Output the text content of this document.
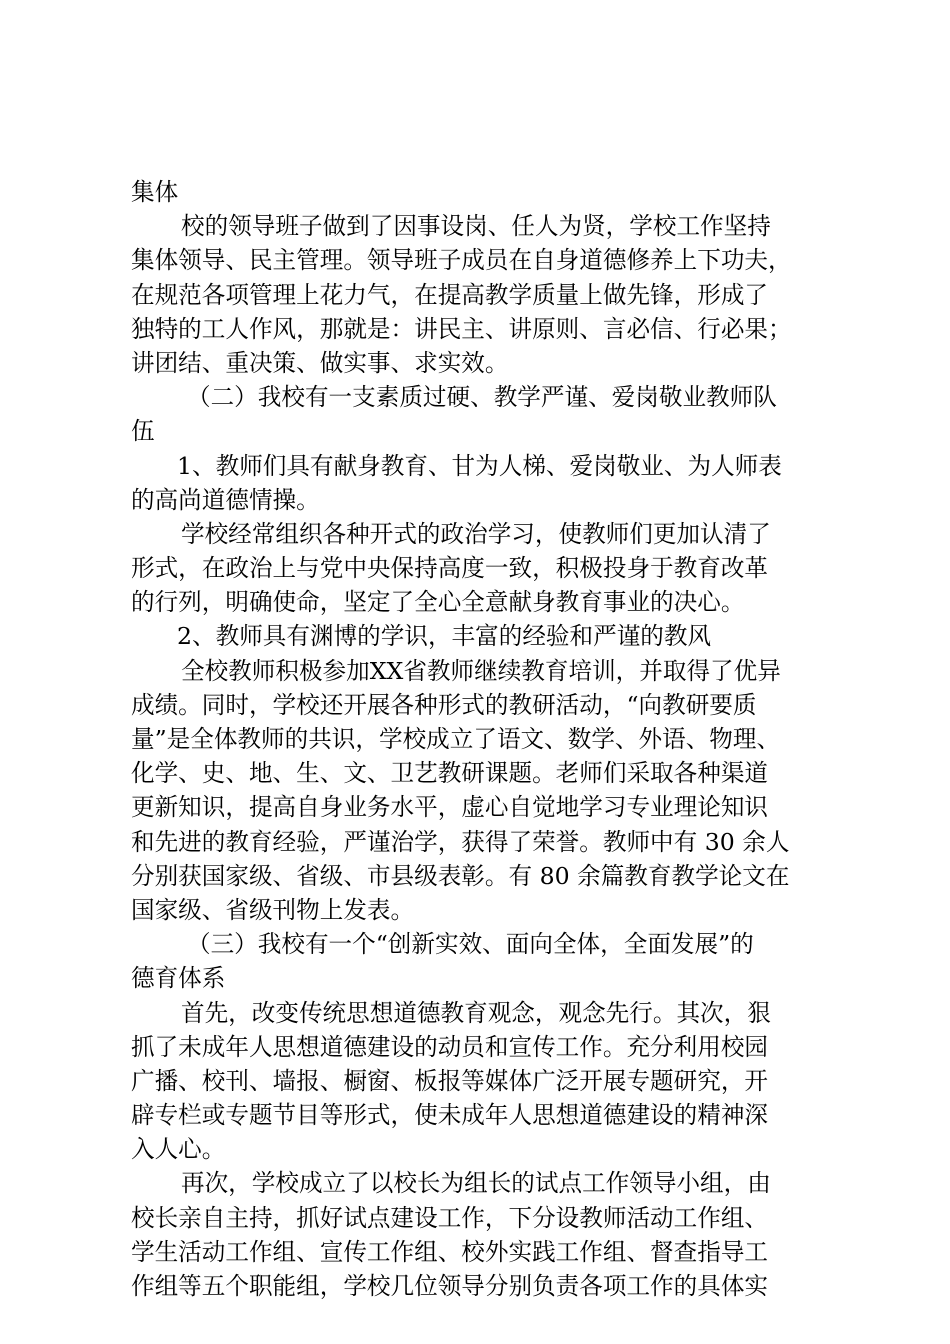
集体
校的领导班子做到了因事设岗、任人为贤，学校工作坚持
集体领导、民主管理。领导班子成员在自身道德修养上下功夫，
在规范各项管理上花力气，在提高教学质量上做先锋，形成了
独特的工人作风，那就是：讲民主、讲原则、言必信、行必果；
讲团结、重决策、做实事、求实效。
（二）我校有一支素质过硬、教学严谨、爱岗敬业教师队
伍
1、教师们具有献身教育、甘为人梯、爱岗敬业、为人师表
的高尚道德情操。
学校经常组织各种开式的政治学习，使教师们更加认清了
形式，在政治上与党中央保持高度一致，积极投身于教育改革
的行列，明确使命，坚定了全心全意献身教育事业的决心。
2、教师具有渊博的学识，丰富的经验和严谨的教风
全校教师积极参加XX省教师继续教育培训，并取得了优异
成绩。同时，学校还开展各种形式的教研活动，“向教研要质
量”是全体教师的共识，学校成立了语文、数学、外语、物理、
化学、史、地、生、文、卫艺教研课题。老师们采取各种渠道
更新知识，提高自身业务水平，虚心自觉地学习专业理论知识
和先进的教育经验，严谨治学，获得了荣誉。教师中有 30 余人
分别获国家级、省级、市县级表彰。有 80 余篇教育教学论文在
国家级、省级刊物上发表。
（三）我校有一个“创新实效、面向全体，全面发展”的
德育体系
首先，改变传统思想道德教育观念，观念先行。其次，狠
抓了未成年人思想道德建设的动员和宣传工作。充分利用校园
广播、校刊、墙报、橱窗、板报等媒体广泛开展专题研究，开
辟专栏或专题节目等形式，使未成年人思想道德建设的精神深
入人心。
再次，学校成立了以校长为组长的试点工作领导小组，由
校长亲自主持，抓好试点建设工作，下分设教师活动工作组、
学生活动工作组、宣传工作组、校外实践工作组、督查指导工
作组等五个职能组，学校几位领导分别负责各项工作的具体实
